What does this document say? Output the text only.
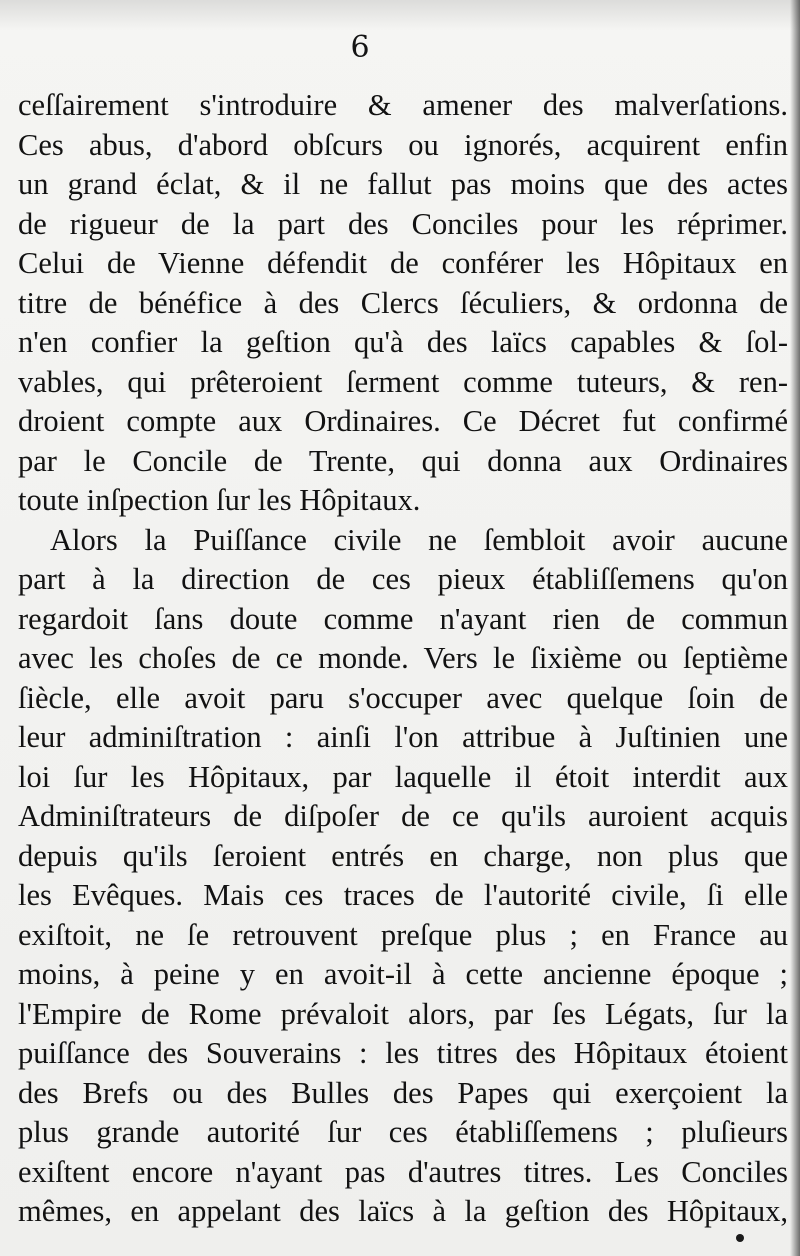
6
ceſſairement s'introduire & amener des malverſations.
Ces abus, d'abord obſcurs ou ignorés, acquirent enfin
un grand éclat, & il ne fallut pas moins que des actes
de rigueur de la part des Conciles pour les réprimer.
Celui de Vienne défendit de conférer les Hôpitaux en
titre de bénéfice à des Clercs ſéculiers, & ordonna de
n'en confier la geſtion qu'à des laïcs capables & ſol-
vables, qui prêteroient ſerment comme tuteurs, & ren-
droient compte aux Ordinaires. Ce Décret fut confirmé
par le Concile de Trente, qui donna aux Ordinaires
toute inſpection ſur les Hôpitaux.
Alors la Puiſſance civile ne ſembloit avoir aucune
part à la direction de ces pieux établiſſemens qu'on
regardoit ſans doute comme n'ayant rien de commun
avec les choſes de ce monde. Vers le ſixième ou ſeptième
ſiècle, elle avoit paru s'occuper avec quelque ſoin de
leur adminiſtration : ainſi l'on attribue à Juſtinien une
loi ſur les Hôpitaux, par laquelle il étoit interdit aux
Adminiſtrateurs de diſpoſer de ce qu'ils auroient acquis
depuis qu'ils ſeroient entrés en charge, non plus que
les Evêques. Mais ces traces de l'autorité civile, ſi elle
exiſtoit, ne ſe retrouvent preſque plus ; en France au
moins, à peine y en avoit-il à cette ancienne époque ;
l'Empire de Rome prévaloit alors, par ſes Légats, ſur la
puiſſance des Souverains : les titres des Hôpitaux étoient
des Brefs ou des Bulles des Papes qui exerçoient la
plus grande autorité ſur ces établiſſemens ; pluſieurs
exiſtent encore n'ayant pas d'autres titres. Les Conciles
mêmes, en appelant des laïcs à la geſtion des Hôpitaux,
